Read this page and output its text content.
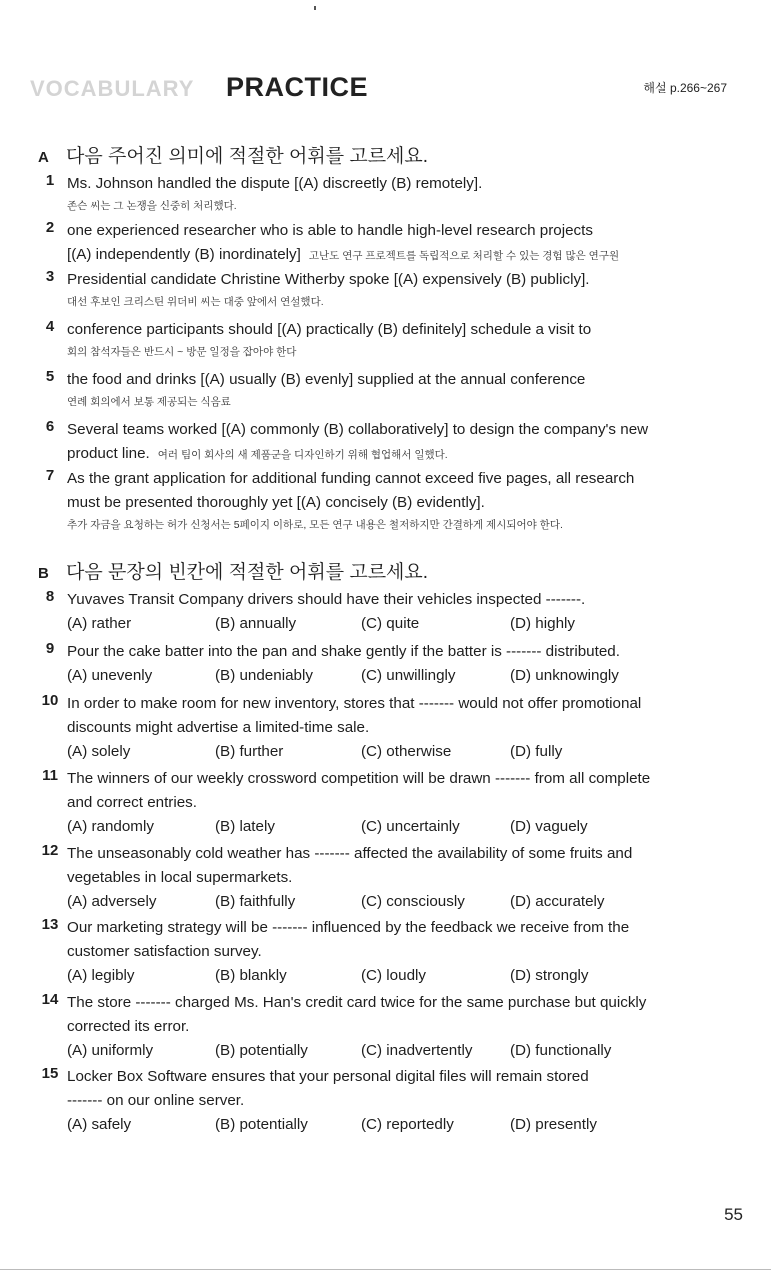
VOCABULARY PRACTICE	해설 p.266~267
A 다음 주어진 의미에 적절한 어휘를 고르세요.
1 Ms. Johnson handled the dispute [(A) discreetly (B) remotely].
존슨 씨는 그 논쟁을 신중히 처리했다.
2 one experienced researcher who is able to handle high-level research projects
[(A) independently (B) inordinately] 고난도 연구 프로젝트를 독립적으로 처리할 수 있는 경험 많은 연구원
3 Presidential candidate Christine Witherby spoke [(A) expensively (B) publicly].
대선 후보인 크리스틴 위더비 씨는 대중 앞에서 연설했다.
4 conference participants should [(A) practically (B) definitely] schedule a visit to
회의 참석자들은 반드시 ~ 방문 일정을 잡아야 한다
5 the food and drinks [(A) usually (B) evenly] supplied at the annual conference
연례 회의에서 보통 제공되는 식음료
6 Several teams worked [(A) commonly (B) collaboratively] to design the company's new
product line. 여러 팀이 회사의 새 제품군을 디자인하기 위해 협업해서 일했다.
7 As the grant application for additional funding cannot exceed five pages, all research
must be presented thoroughly yet [(A) concisely (B) evidently].
추가 자금을 요청하는 허가 신청서는 5페이지 이하로, 모든 연구 내용은 철저하지만 간결하게 제시되어야 한다.
B 다음 문장의 빈칸에 적절한 어휘를 고르세요.
8 Yuvaves Transit Company drivers should have their vehicles inspected -------.
(A) rather	(B) annually	(C) quite	(D) highly
9 Pour the cake batter into the pan and shake gently if the batter is ------- distributed.
(A) unevenly	(B) undeniably	(C) unwillingly	(D) unknowingly
10 In order to make room for new inventory, stores that ------- would not offer promotional
discounts might advertise a limited-time sale.
(A) solely	(B) further	(C) otherwise	(D) fully
11 The winners of our weekly crossword competition will be drawn ------- from all complete
and correct entries.
(A) randomly	(B) lately	(C) uncertainly	(D) vaguely
12 The unseasonably cold weather has ------- affected the availability of some fruits and
vegetables in local supermarkets.
(A) adversely	(B) faithfully	(C) consciously	(D) accurately
13 Our marketing strategy will be ------- influenced by the feedback we receive from the
customer satisfaction survey.
(A) legibly	(B) blankly	(C) loudly	(D) strongly
14 The store ------- charged Ms. Han's credit card twice for the same purchase but quickly
corrected its error.
(A) uniformly	(B) potentially	(C) inadvertently (D) functionally
15 Locker Box Software ensures that your personal digital files will remain stored
------- on our online server.
(A) safely	(B) potentially	(C) reportedly	(D) presently
55
